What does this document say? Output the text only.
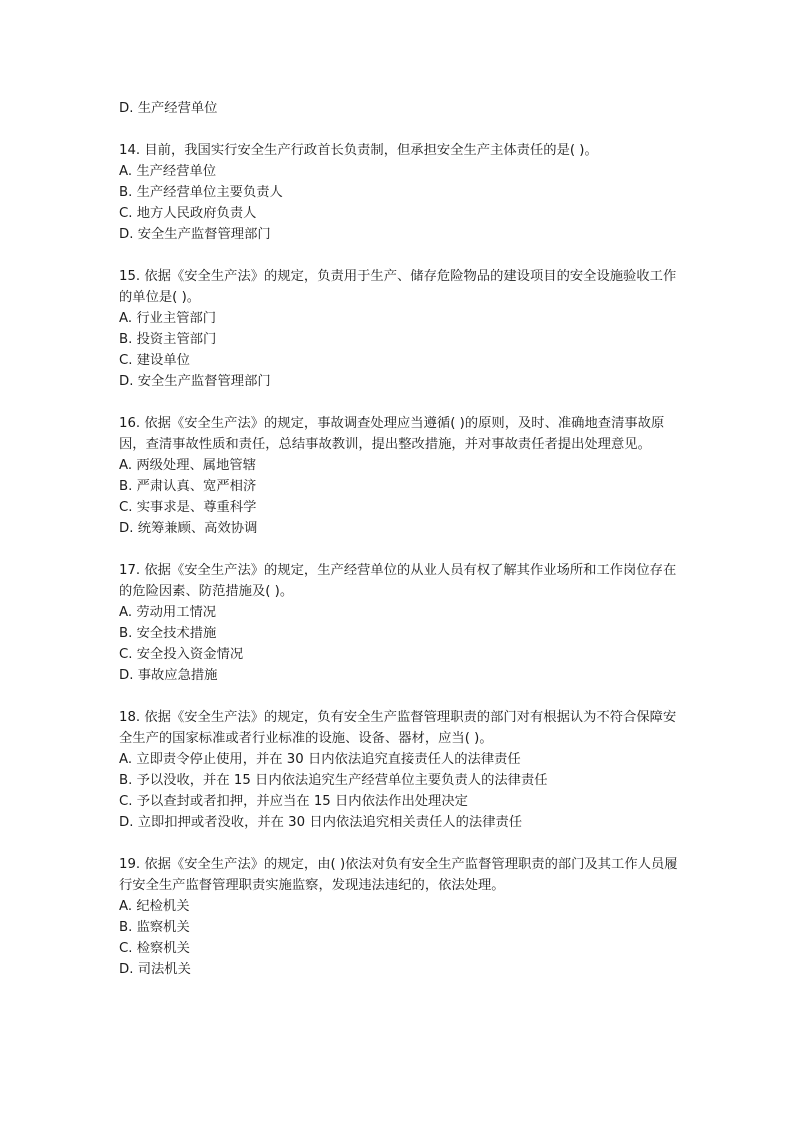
D. 生产经营单位
14. 目前，我国实行安全生产行政首长负责制，但承担安全生产主体责任的是( )。
A. 生产经营单位
B. 生产经营单位主要负责人
C. 地方人民政府负责人
D. 安全生产监督管理部门
15. 依据《安全生产法》的规定，负责用于生产、储存危险物品的建设项目的安全设施验收工作的单位是( )。
A. 行业主管部门
B. 投资主管部门
C. 建设单位
D. 安全生产监督管理部门
16. 依据《安全生产法》的规定，事故调查处理应当遵循( )的原则，及时、准确地查清事故原因，查清事故性质和责任，总结事故教训，提出整改措施，并对事故责任者提出处理意见。
A. 两级处理、属地管辖
B. 严肃认真、宽严相济
C. 实事求是、尊重科学
D. 统筹兼顾、高效协调
17. 依据《安全生产法》的规定，生产经营单位的从业人员有权了解其作业场所和工作岗位存在的危险因素、防范措施及( )。
A. 劳动用工情况
B. 安全技术措施
C. 安全投入资金情况
D. 事故应急措施
18. 依据《安全生产法》的规定，负有安全生产监督管理职责的部门对有根据认为不符合保障安全生产的国家标准或者行业标准的设施、设备、器材，应当( )。
A. 立即责令停止使用，并在 30 日内依法追究直接责任人的法律责任
B. 予以没收，并在 15 日内依法追究生产经营单位主要负责人的法律责任
C. 予以查封或者扣押，并应当在 15 日内依法作出处理决定
D. 立即扣押或者没收，并在 30 日内依法追究相关责任人的法律责任
19. 依据《安全生产法》的规定，由( )依法对负有安全生产监督管理职责的部门及其工作人员履行安全生产监督管理职责实施监察，发现违法违纪的，依法处理。
A. 纪检机关
B. 监察机关
C. 检察机关
D. 司法机关
